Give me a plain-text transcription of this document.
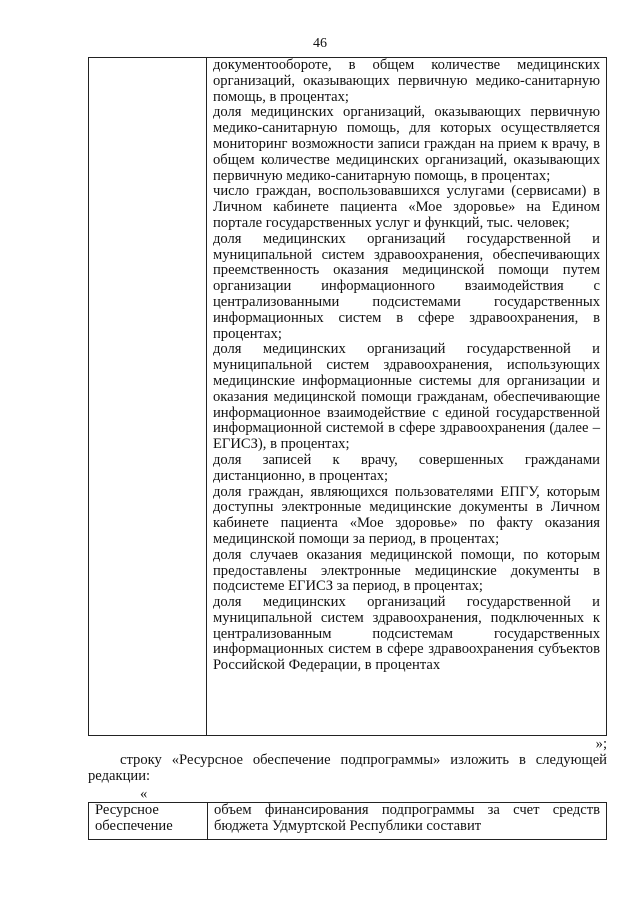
46

документообороте, в общем количестве медицинских организаций, оказывающих первичную медико-санитарную помощь, в процентах;

доля медицинских организаций, оказывающих первичную медико-санитарную помощь, для которых осуществляется мониторинг возможности записи граждан на прием к врачу, в общем количестве медицинских организаций, оказывающих первичную медико-санитарную помощь, в процентах;

число граждан, воспользовавшихся услугами (сервисами) в Личном кабинете пациента «Мое здоровье» на Едином портале государственных услуг и функций, тыс. человек;

доля медицинских организаций государственной и муниципальной систем здравоохранения, обеспечивающих преемственность оказания медицинской помощи путем организации информационного взаимодействия с централизованными подсистемами государственных информационных систем в сфере здравоохранения, в процентах;

доля медицинских организаций государственной и муниципальной систем здравоохранения, использующих медицинские информационные системы для организации и оказания медицинской помощи гражданам, обеспечивающие информационное взаимодействие с единой государственной информационной системой в сфере здравоохранения (далее – ЕГИСЗ), в процентах;

доля записей к врачу, совершенных гражданами дистанционно, в процентах;

доля граждан, являющихся пользователями ЕПГУ, которым доступны электронные медицинские документы в Личном кабинете пациента «Мое здоровье» по факту оказания медицинской помощи за период, в процентах;

доля случаев оказания медицинской помощи, по которым предоставлены электронные медицинские документы в подсистеме ЕГИСЗ за период, в процентах;

доля медицинских организаций государственной и муниципальной систем здравоохранения, подключенных к централизованным подсистемам государственных информационных систем в сфере здравоохранения субъектов Российской Федерации, в процентах

»;
строку «Ресурсное обеспечение подпрограммы» изложить в следующей редакции:
«
Ресурсное обеспечение	объем финансирования подпрограммы за счет средств бюджета Удмуртской Республики составит
